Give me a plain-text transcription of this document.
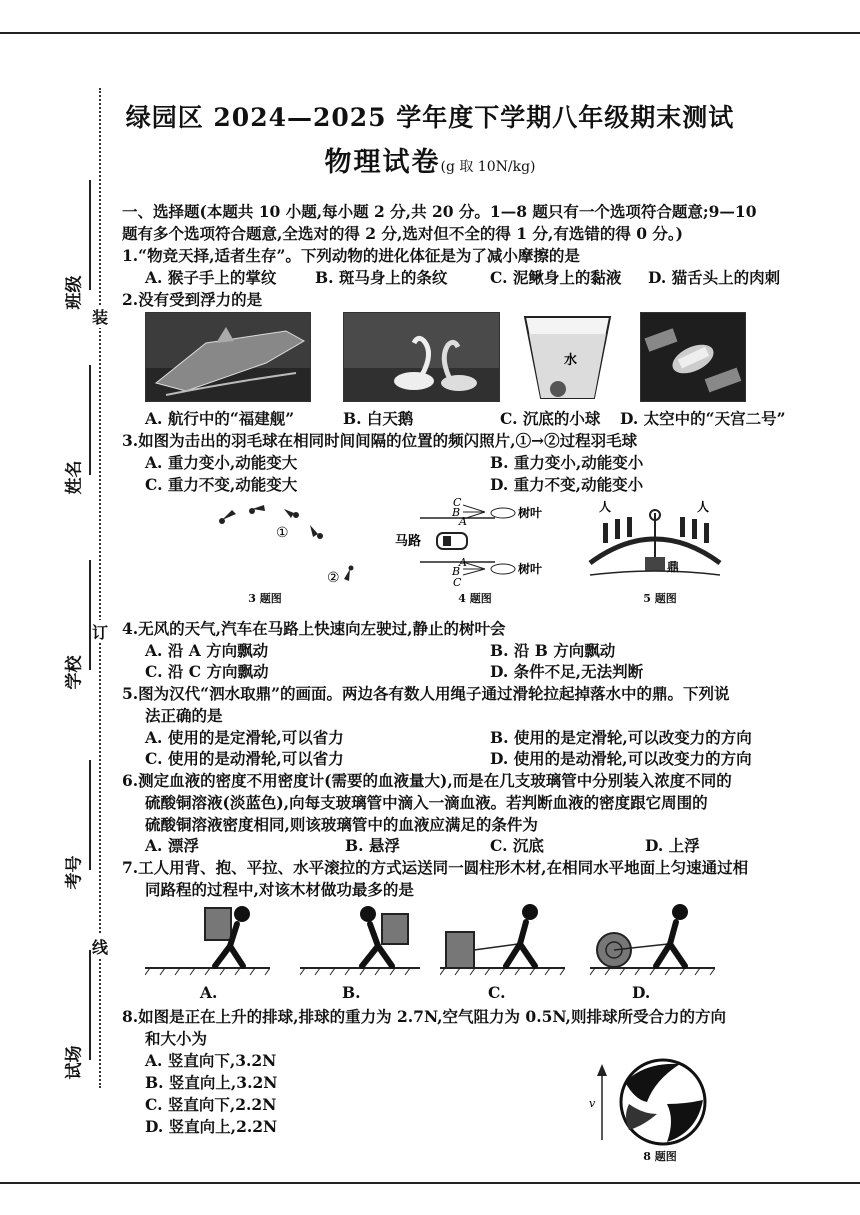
装
订
线
班级
姓名
学校
考号
试场
绿园区 2024—2025 学年度下学期八年级期末测试
物理试卷(g 取 10N/kg)
一、选择题(本题共 10 小题,每小题 2 分,共 20 分。1—8 题只有一个选项符合题意;9—10
题有多个选项符合题意,全选对的得 2 分,选对但不全的得 1 分,有选错的得 0 分。)
1.“物竞天择,适者生存”。下列动物的进化体征是为了减小摩擦的是
A. 猴子手上的掌纹 B. 斑马身上的条纹	C. 泥鳅身上的黏液 D. 猫舌头上的肉刺
2.没有受到浮力的是
水
A. 航行中的“福建舰”	B. 白天鹅	C. 沉底的小球 D. 太空中的“天宫二号”
3.如图为击出的羽毛球在相同时间间隔的位置的频闪照片,①→②过程羽毛球
A. 重力变小,动能变大	B. 重力变小,动能变小
C. 重力不变,动能变大	D. 重力不变,动能变小
①
②
3 题图
C
B
A
树叶
A
B
C
树叶
马路
4 题图
人	人
鼎
5 题图
4.无风的天气,汽车在马路上快速向左驶过,静止的树叶会
A. 沿 A 方向飘动	B. 沿 B 方向飘动
C. 沿 C 方向飘动	D. 条件不足,无法判断
5.图为汉代“泗水取鼎”的画面。两边各有数人用绳子通过滑轮拉起掉落水中的鼎。下列说
法正确的是
A. 使用的是定滑轮,可以省力	B. 使用的是定滑轮,可以改变力的方向
C. 使用的是动滑轮,可以省力	D. 使用的是动滑轮,可以改变力的方向
6.测定血液的密度不用密度计(需要的血液量大),而是在几支玻璃管中分别装入浓度不同的
硫酸铜溶液(淡蓝色),向每支玻璃管中滴入一滴血液。若判断血液的密度跟它周围的
硫酸铜溶液密度相同,则该玻璃管中的血液应满足的条件为
A. 漂浮	B. 悬浮	C. 沉底	D. 上浮
7.工人用背、抱、平拉、水平滚拉的方式运送同一圆柱形木材,在相同水平地面上匀速通过相
同路程的过程中,对该木材做功最多的是
A.	B.	C.	D.
8.如图是正在上升的排球,排球的重力为 2.7N,空气阻力为 0.5N,则排球所受合力的方向
和大小为
A. 竖直向下,3.2N
B. 竖直向上,3.2N
C. 竖直向下,2.2N
D. 竖直向上,2.2N
v
8 题图
